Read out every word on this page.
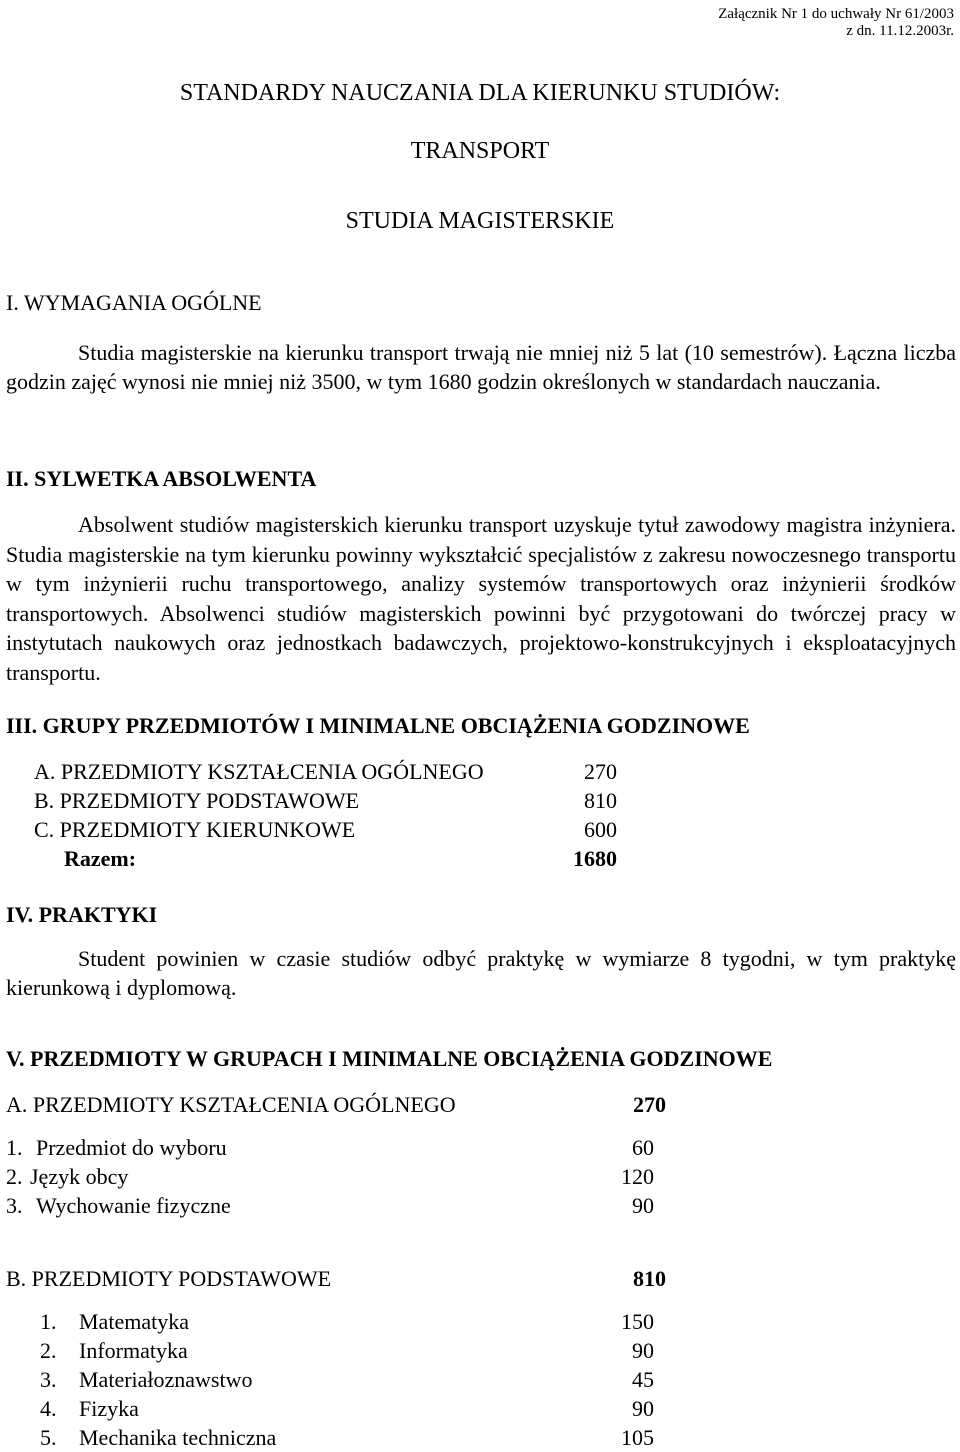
Załącznik Nr 1 do uchwały Nr 61/2003
z dn. 11.12.2003r.
STANDARDY NAUCZANIA DLA KIERUNKU STUDIÓW:
TRANSPORT
STUDIA MAGISTERSKIE
I. WYMAGANIA OGÓLNE
Studia magisterskie na kierunku transport trwają nie mniej niż 5 lat (10 semestrów). Łączna liczba godzin zajęć wynosi nie mniej niż 3500, w tym 1680 godzin określonych w standardach nauczania.
II. SYLWETKA ABSOLWENTA
Absolwent studiów magisterskich kierunku transport uzyskuje tytuł zawodowy magistra inżyniera. Studia magisterskie na tym kierunku powinny wykształcić specjalistów z zakresu nowoczesnego transportu w tym inżynierii ruchu transportowego, analizy systemów transportowych oraz inżynierii środków transportowych. Absolwenci studiów magisterskich powinni być przygotowani do twórczej pracy w instytutach naukowych oraz jednostkach badawczych, projektowo-konstrukcyjnych i eksploatacyjnych transportu.
III. GRUPY PRZEDMIOTÓW I MINIMALNE OBCIĄŻENIA GODZINOWE
A. PRZEDMIOTY KSZTAŁCENIA OGÓLNEGO	270
B. PRZEDMIOTY PODSTAWOWE	810
C. PRZEDMIOTY KIERUNKOWE	600
Razem:	1680
IV. PRAKTYKI
Student powinien w czasie studiów odbyć praktykę w wymiarze 8 tygodni, w tym praktykę kierunkową i dyplomową.
V. PRZEDMIOTY W GRUPACH I MINIMALNE OBCIĄŻENIA GODZINOWE
A. PRZEDMIOTY KSZTAŁCENIA OGÓLNEGO	270
1. Przedmiot do wyboru	60
2. Język obcy	120
3. Wychowanie fizyczne	90
B. PRZEDMIOTY PODSTAWOWE	810
1. Matematyka	150
2. Informatyka	90
3. Materiałoznawstwo	45
4. Fizyka	90
5. Mechanika techniczna	105
